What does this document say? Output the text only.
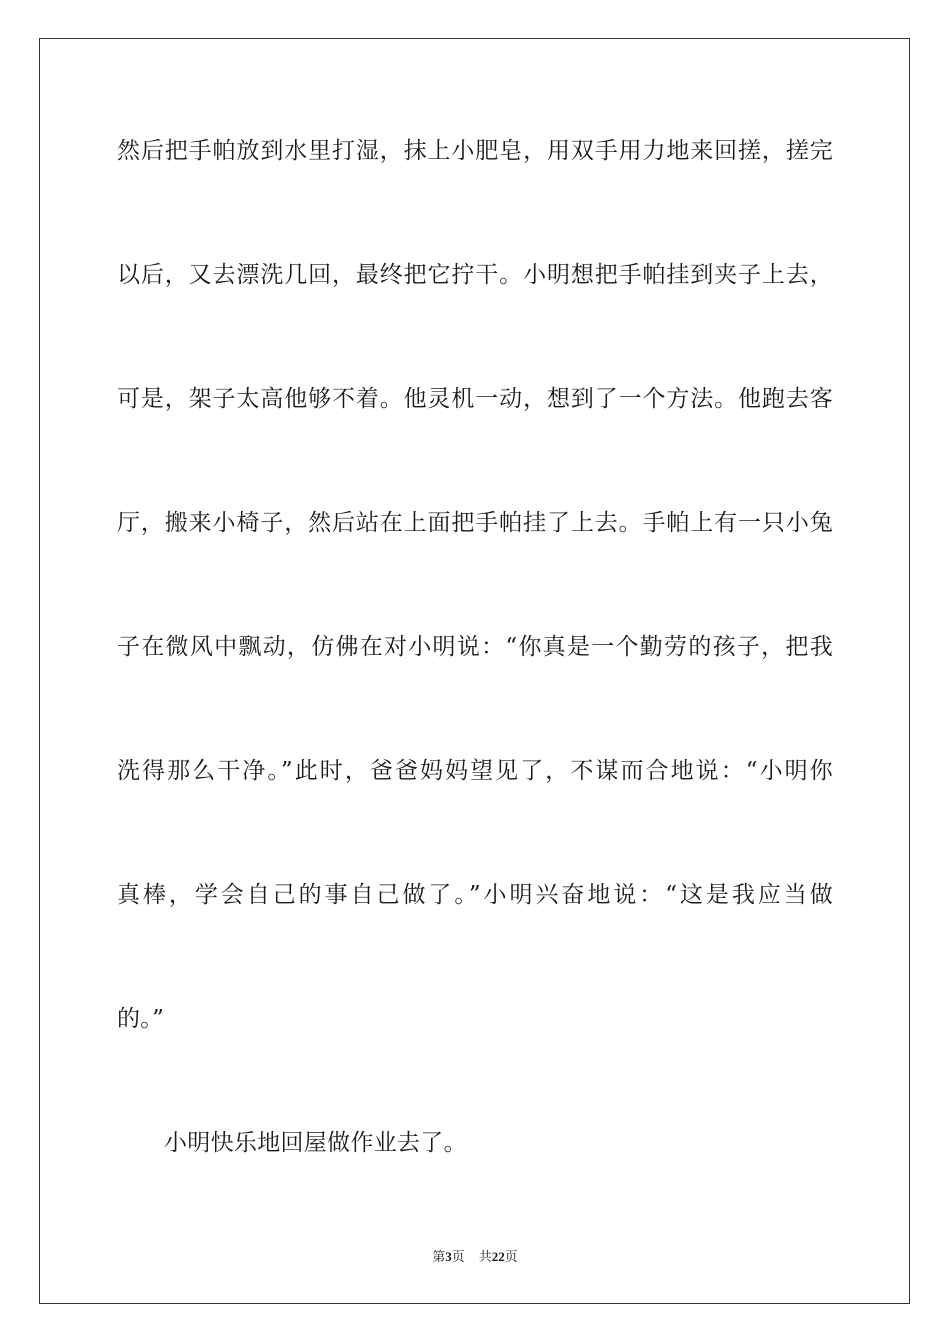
然后把手帕放到水里打湿，抹上小肥皂，用双手用力地来回搓，搓完
以后，又去漂洗几回，最终把它拧干。小明想把手帕挂到夹子上去，
可是，架子太高他够不着。他灵机一动，想到了一个方法。他跑去客
厅，搬来小椅子，然后站在上面把手帕挂了上去。手帕上有一只小兔
子在微风中飘动，仿佛在对小明说：“你真是一个勤劳的孩子，把我
洗得那么干净。”此时，爸爸妈妈望见了，不谋而合地说：“小明你
真棒，学会自己的事自己做了。”小明兴奋地说：“这是我应当做
的。”
小明快乐地回屋做作业去了。
第3页 共22页
